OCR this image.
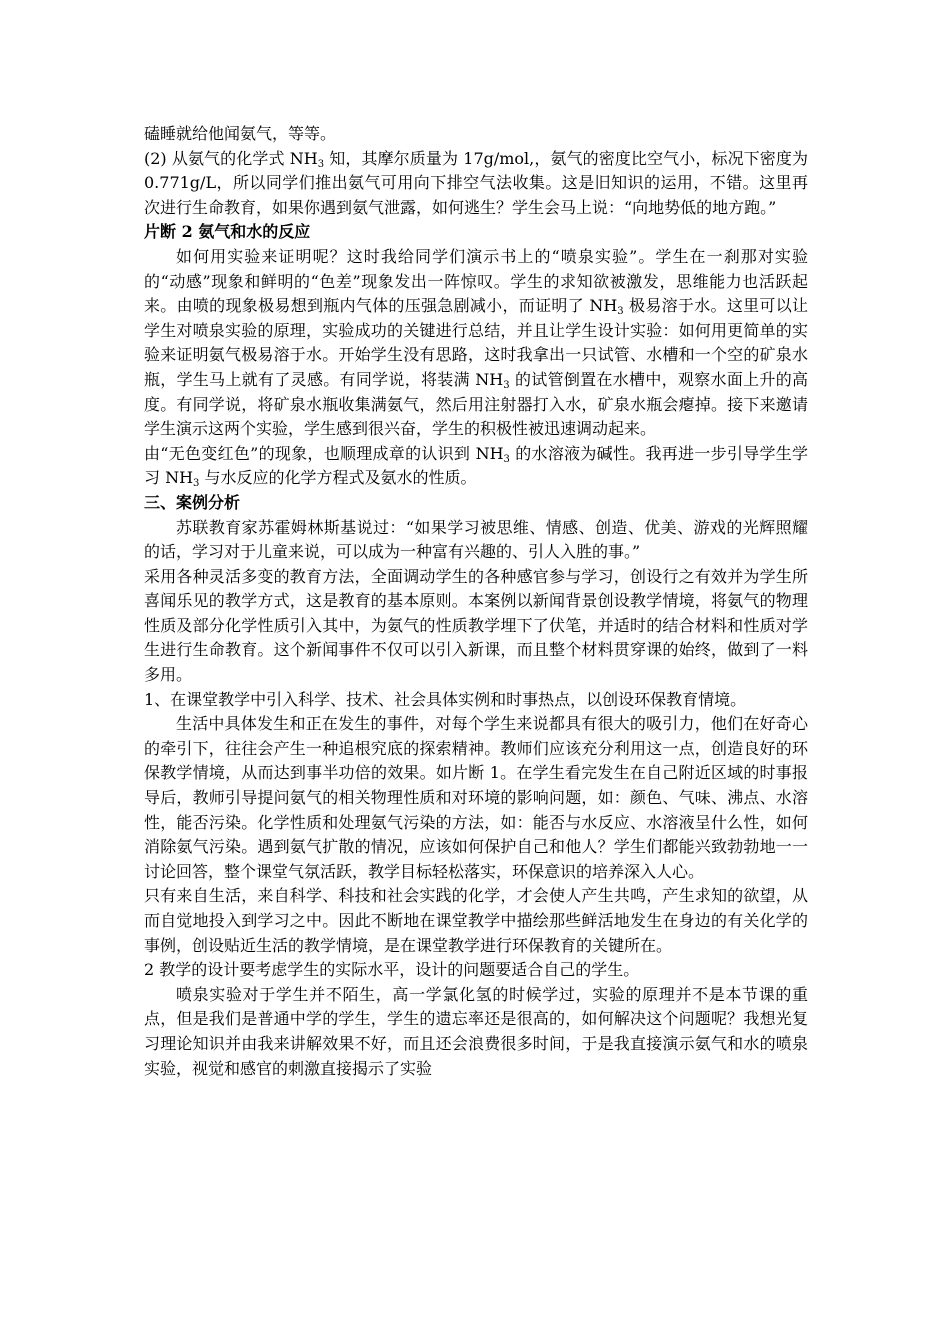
磕睡就给他闻氨气，等等。

(2) 从氨气的化学式 $NH_3$ 知，其摩尔质量为 17g/mol,，氨气的密度比空气小，标况下密度为 0.771g/L，所以同学们推出氨气可用向下排空气法收集。这是旧知识的运用，不错。这里再次进行生命教育，如果你遇到氨气泄露，如何逃生？学生会马上说：“向地势低的地方跑。”

片断 2 氨气和水的反应

如何用实验来证明呢？这时我给同学们演示书上的“喷泉实验”。学生在一刹那对实验的“动感”现象和鲜明的“色差”现象发出一阵惊叹。学生的求知欲被激发，思维能力也活跃起来。由喷的现象极易想到瓶内气体的压强急剧减小，而证明了 $NH_3$ 极易溶于水。这里可以让学生对喷泉实验的原理，实验成功的关键进行总结，并且让学生设计实验：如何用更简单的实验来证明氨气极易溶于水。开始学生没有思路，这时我拿出一只试管、水槽和一个空的矿泉水瓶，学生马上就有了灵感。有同学说，将装满 $NH_3$ 的试管倒置在水槽中，观察水面上升的高度。有同学说，将矿泉水瓶收集满氨气，然后用注射器打入水，矿泉水瓶会瘪掉。接下来邀请学生演示这两个实验，学生感到很兴奋，学生的积极性被迅速调动起来。

由“无色变红色”的现象，也顺理成章的认识到 $NH_3$ 的水溶液为碱性。我再进一步引导学生学习 $NH_3$ 与水反应的化学方程式及氨水的性质。

三、案例分析

苏联教育家苏霍姆林斯基说过：“如果学习被思维、情感、创造、优美、游戏的光辉照耀的话，学习对于儿童来说，可以成为一种富有兴趣的、引人入胜的事。”

采用各种灵活多变的教育方法，全面调动学生的各种感官参与学习，创设行之有效并为学生所喜闻乐见的教学方式，这是教育的基本原则。本案例以新闻背景创设教学情境，将氨气的物理性质及部分化学性质引入其中，为氨气的性质教学埋下了伏笔，并适时的结合材料和性质对学生进行生命教育。这个新闻事件不仅可以引入新课，而且整个材料贯穿课的始终，做到了一料多用。

1、在课堂教学中引入科学、技术、社会具体实例和时事热点，以创设环保教育情境。

生活中具体发生和正在发生的事件，对每个学生来说都具有很大的吸引力，他们在好奇心的牵引下，往往会产生一种追根究底的探索精神。教师们应该充分利用这一点，创造良好的环保教学情境，从而达到事半功倍的效果。如片断 1。在学生看完发生在自己附近区域的时事报导后，教师引导提问氨气的相关物理性质和对环境的影响问题，如：颜色、气味、沸点、水溶性，能否污染。化学性质和处理氨气污染的方法，如：能否与水反应、水溶液呈什么性，如何消除氨气污染。遇到氨气扩散的情况，应该如何保护自己和他人？学生们都能兴致勃勃地一一讨论回答，整个课堂气氛活跃，教学目标轻松落实，环保意识的培养深入人心。

只有来自生活，来自科学、科技和社会实践的化学，才会使人产生共鸣，产生求知的欲望，从而自觉地投入到学习之中。因此不断地在课堂教学中描绘那些鲜活地发生在身边的有关化学的事例，创设贴近生活的教学情境，是在课堂教学进行环保教育的关键所在。

2 教学的设计要考虑学生的实际水平，设计的问题要适合自己的学生。

喷泉实验对于学生并不陌生，高一学氯化氢的时候学过，实验的原理并不是本节课的重点，但是我们是普通中学的学生，学生的遗忘率还是很高的，如何解决这个问题呢？我想光复习理论知识并由我来讲解效果不好，而且还会浪费很多时间，于是我直接演示氨气和水的喷泉实验，视觉和感官的刺激直接揭示了实验
